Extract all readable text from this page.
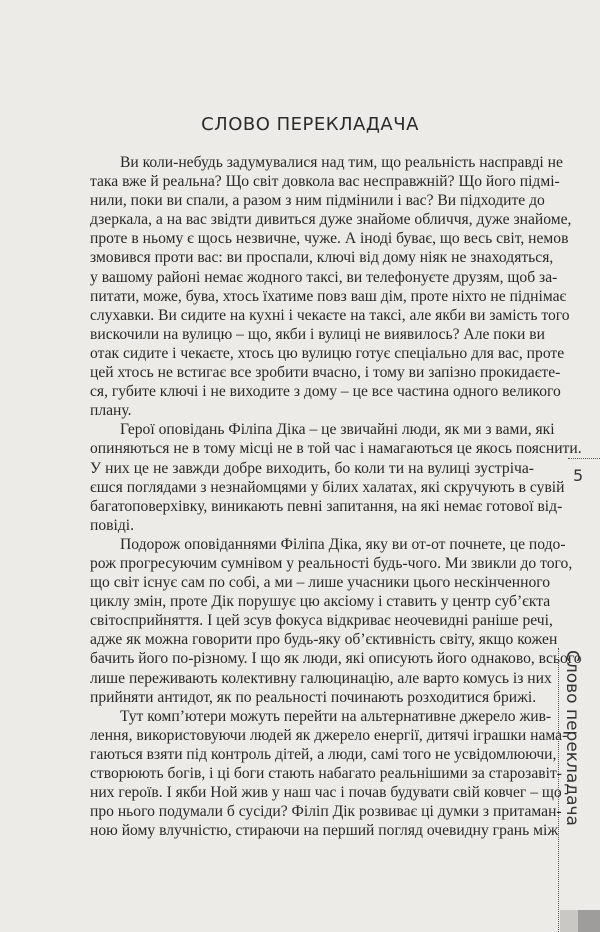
СЛОВО ПЕРЕКЛАДАЧА
Ви коли-небудь задумувалися над тим, що реальність насправді не
така вже й реальна? Що світ довкола вас несправжній? Що його підмі-
нили, поки ви спали, а разом з ним підмінили і вас? Ви підходите до
дзеркала, а на вас звідти дивиться дуже знайоме обличчя, дуже знайоме,
проте в ньому є щось незвичне, чуже. А іноді буває, що весь світ, немов
змовився проти вас: ви проспали, ключі від дому ніяк не знаходяться,
у вашому районі немає жодного таксі, ви телефонуєте друзям, щоб за-
питати, може, бува, хтось їхатиме повз ваш дім, проте ніхто не піднімає
слухавки. Ви сидите на кухні і чекаєте на таксі, але якби ви замість того
вискочили на вулицю – що, якби і вулиці не виявилось? Але поки ви
отак сидите і чекаєте, хтось цю вулицю готує спеціально для вас, проте
цей хтось не встигає все зробити вчасно, і тому ви запізно прокидаєте-
ся, губите ключі і не виходите з дому – це все частина одного великого
плану.
Герої оповідань Філіпа Діка – це звичайні люди, як ми з вами, які
опиняються не в тому місці не в той час і намагаються це якось пояснити.
У них це не завжди добре виходить, бо коли ти на вулиці зустріча-
єшся поглядами з незнайомцями у білих халатах, які скручують в сувій
багатоповерхівку, виникають певні запитання, на які немає готової від-
повіді.
Подорож оповіданнями Філіпа Діка, яку ви от-от почнете, це подо-
рож прогресуючим сумнівом у реальності будь-чого. Ми звикли до того,
що світ існує сам по собі, а ми – лише учасники цього нескінченного
циклу змін, проте Дік порушує цю аксіому і ставить у центр суб’єкта
світосприйняття. І цей зсув фокуса відкриває неочевидні раніше речі,
адже як можна говорити про будь-яку об’єктивність світу, якщо кожен
бачить його по-різному. І що як люди, які описують його однаково, всього
лише переживають колективну галюцинацію, але варто комусь із них
прийняти антидот, як по реальності починають розходитися брижі.
Тут комп’ютери можуть перейти на альтернативне джерело жив-
лення, використовуючи людей як джерело енергії, дитячі іграшки нама-
гаються взяти під контроль дітей, а люди, самі того не усвідомлюючи,
створюють богів, і ці боги стають набагато реальнішими за старозавіт-
них героїв. І якби Ной жив у наш час і почав будувати свій ковчег – що
про нього подумали б сусіди? Філіп Дік розвиває ці думки з притаман-
ною йому влучністю, стираючи на перший погляд очевидну грань між
5
Слово перекладача
